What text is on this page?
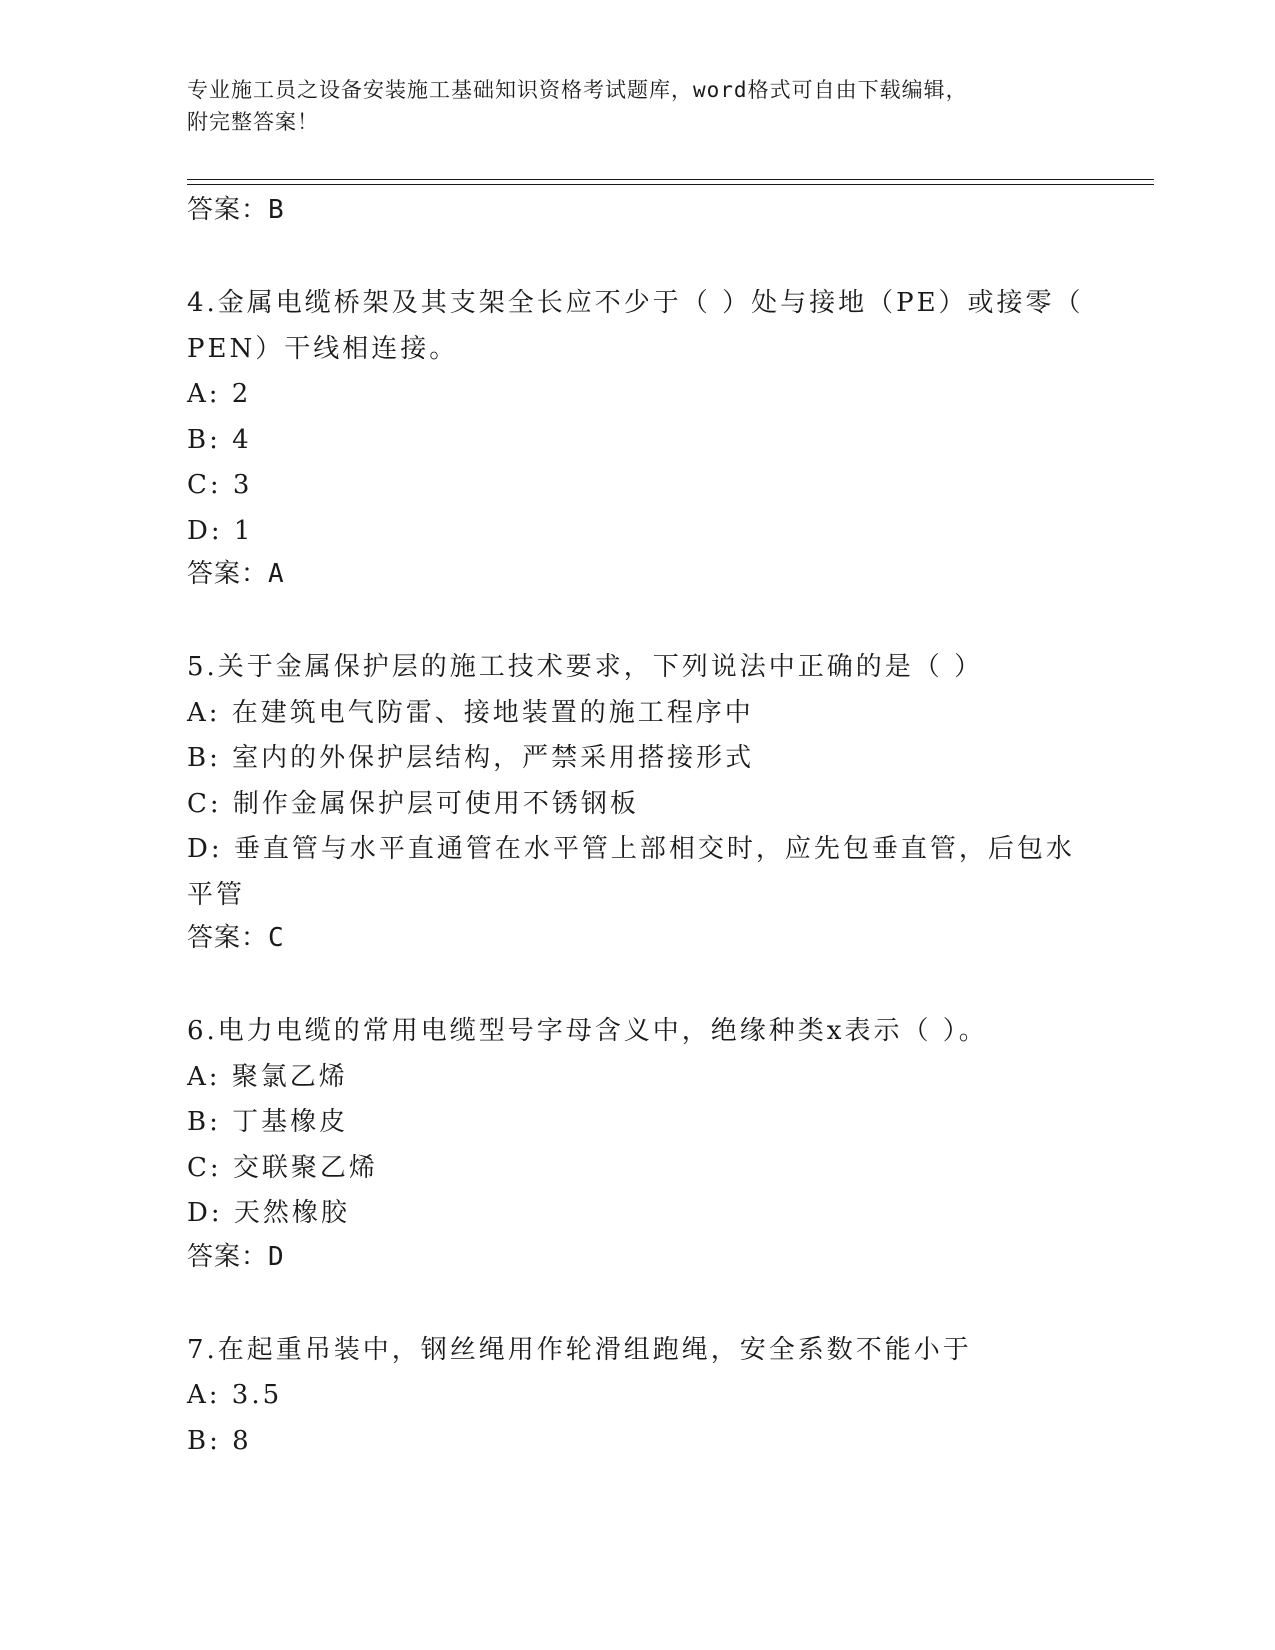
专业施工员之设备安装施工基础知识资格考试题库，word格式可自由下载编辑，
附完整答案！
答案：B
4.金属电缆桥架及其支架全长应不少于（ ）处与接地（PE）或接零（
PEN）干线相连接。
A: 2
B: 4
C: 3
D: 1
答案：A
5.关于金属保护层的施工技术要求，下列说法中正确的是（ ）
A: 在建筑电气防雷、接地装置的施工程序中
B: 室内的外保护层结构，严禁采用搭接形式
C: 制作金属保护层可使用不锈钢板
D: 垂直管与水平直通管在水平管上部相交时，应先包垂直管，后包水
平管
答案：C
6.电力电缆的常用电缆型号字母含义中，绝缘种类x表示（ ）。
A: 聚氯乙烯
B: 丁基橡皮
C: 交联聚乙烯
D: 天然橡胶
答案：D
7.在起重吊装中，钢丝绳用作轮滑组跑绳，安全系数不能小于
A: 3.5
B: 8
